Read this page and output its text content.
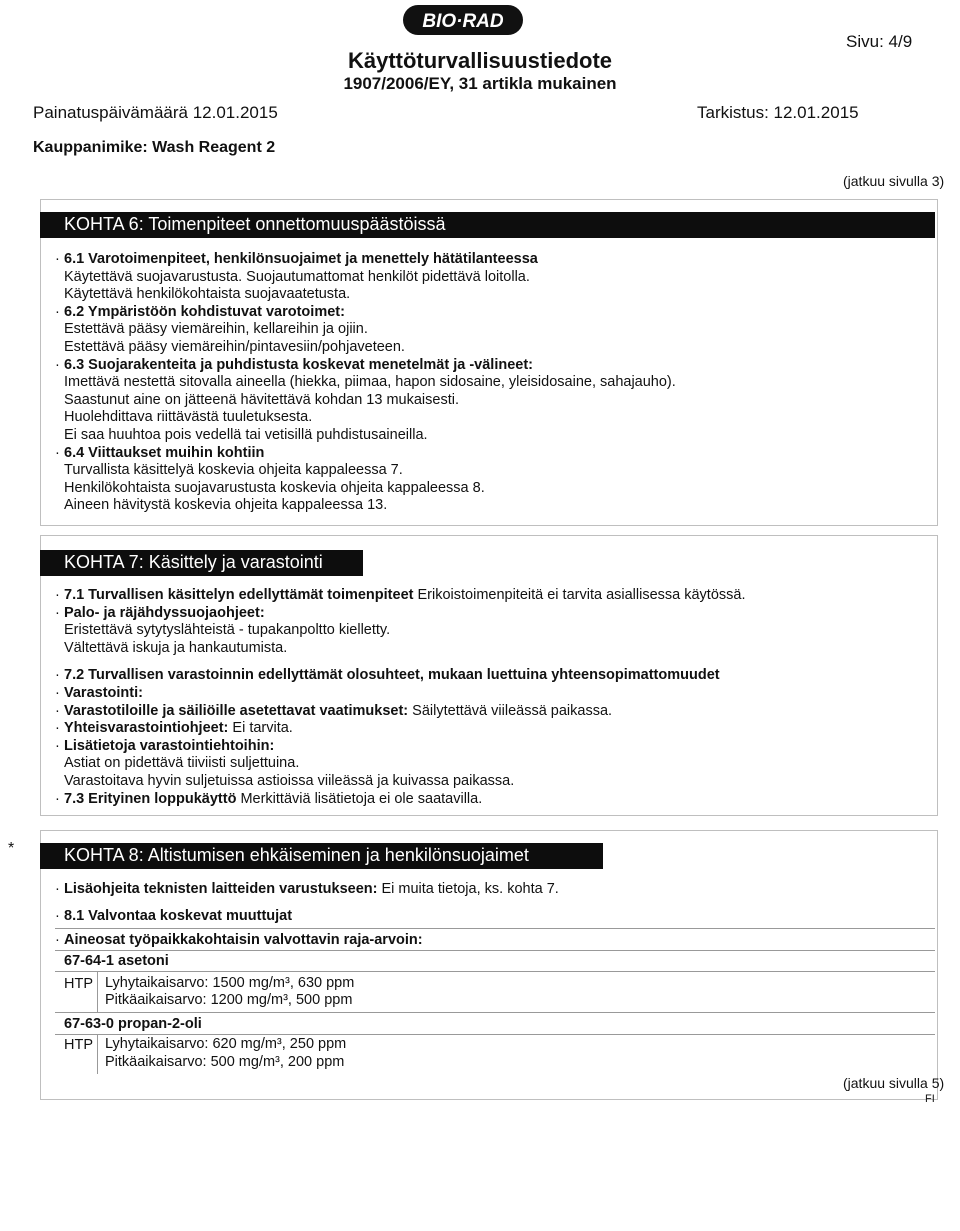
BIO·RAD
Sivu: 4/9
Käyttöturvallisuustiedote
1907/2006/EY, 31 artikla mukainen
Painatuspäivämäärä 12.01.2015	Tarkistus: 12.01.2015
Kauppanimike: Wash Reagent 2
(jatkuu sivulla 3)
KOHTA 6: Toimenpiteet onnettomuuspäästöissä
· 6.1 Varotoimenpiteet, henkilönsuojaimet ja menettely hätätilanteessa
Käytettävä suojavarustusta. Suojautumattomat henkilöt pidettävä loitolla.
Käytettävä henkilökohtaista suojavaatetusta.
· 6.2 Ympäristöön kohdistuvat varotoimet:
Estettävä pääsy viemäreihin, kellareihin ja ojiin.
Estettävä pääsy viemäreihin/pintavesiin/pohjaveteen.
· 6.3 Suojarakenteita ja puhdistusta koskevat menetelmät ja -välineet:
Imettävä nestettä sitovalla aineella (hiekka, piimaa, hapon sidosaine, yleisidosaine, sahajauho).
Saastunut aine on jätteenä hävitettävä kohdan 13 mukaisesti.
Huolehdittava riittävästä tuuletuksesta.
Ei saa huuhtoa pois vedellä tai vetisillä puhdistusaineilla.
· 6.4 Viittaukset muihin kohtiin
Turvallista käsittelyä koskevia ohjeita kappaleessa 7.
Henkilökohtaista suojavarustusta koskevia ohjeita kappaleessa 8.
Aineen hävitystä koskevia ohjeita kappaleessa 13.
KOHTA 7: Käsittely ja varastointi
· 7.1 Turvallisen käsittelyn edellyttämät toimenpiteet Erikoistoimenpiteitä ei tarvita asiallisessa käytössä.
· Palo- ja räjähdyssuojaohjeet:
Eristettävä sytytyslähteistä - tupakanpoltto kielletty.
Vältettävä iskuja ja hankautumista.
· 7.2 Turvallisen varastoinnin edellyttämät olosuhteet, mukaan luettuina yhteensopimattomuudet
· Varastointi:
· Varastotiloille ja säiliöille asetettavat vaatimukset: Säilytettävä viileässä paikassa.
· Yhteisvarastointiohjeet: Ei tarvita.
· Lisätietoja varastointiehtoihin:
Astiat on pidettävä tiiviisti suljettuina.
Varastoitava hyvin suljetuissa astioissa viileässä ja kuivassa paikassa.
· 7.3 Erityinen loppukäyttö Merkittäviä lisätietoja ei ole saatavilla.
*	KOHTA 8: Altistumisen ehkäiseminen ja henkilönsuojaimet
· Lisäohjeita teknisten laitteiden varustukseen: Ei muita tietoja, ks. kohta 7.
· 8.1 Valvontaa koskevat muuttujat
· Aineosat työpaikkakohtaisin valvottavin raja-arvoin:
67-64-1 asetoni
HTP Lyhytaikaisarvo: 1500 mg/m³, 630 ppm
Pitkäaikaisarvo: 1200 mg/m³, 500 ppm
67-63-0 propan-2-oli
HTP Lyhytaikaisarvo: 620 mg/m³, 250 ppm
Pitkäaikaisarvo: 500 mg/m³, 200 ppm
(jatkuu sivulla 5)
FI
